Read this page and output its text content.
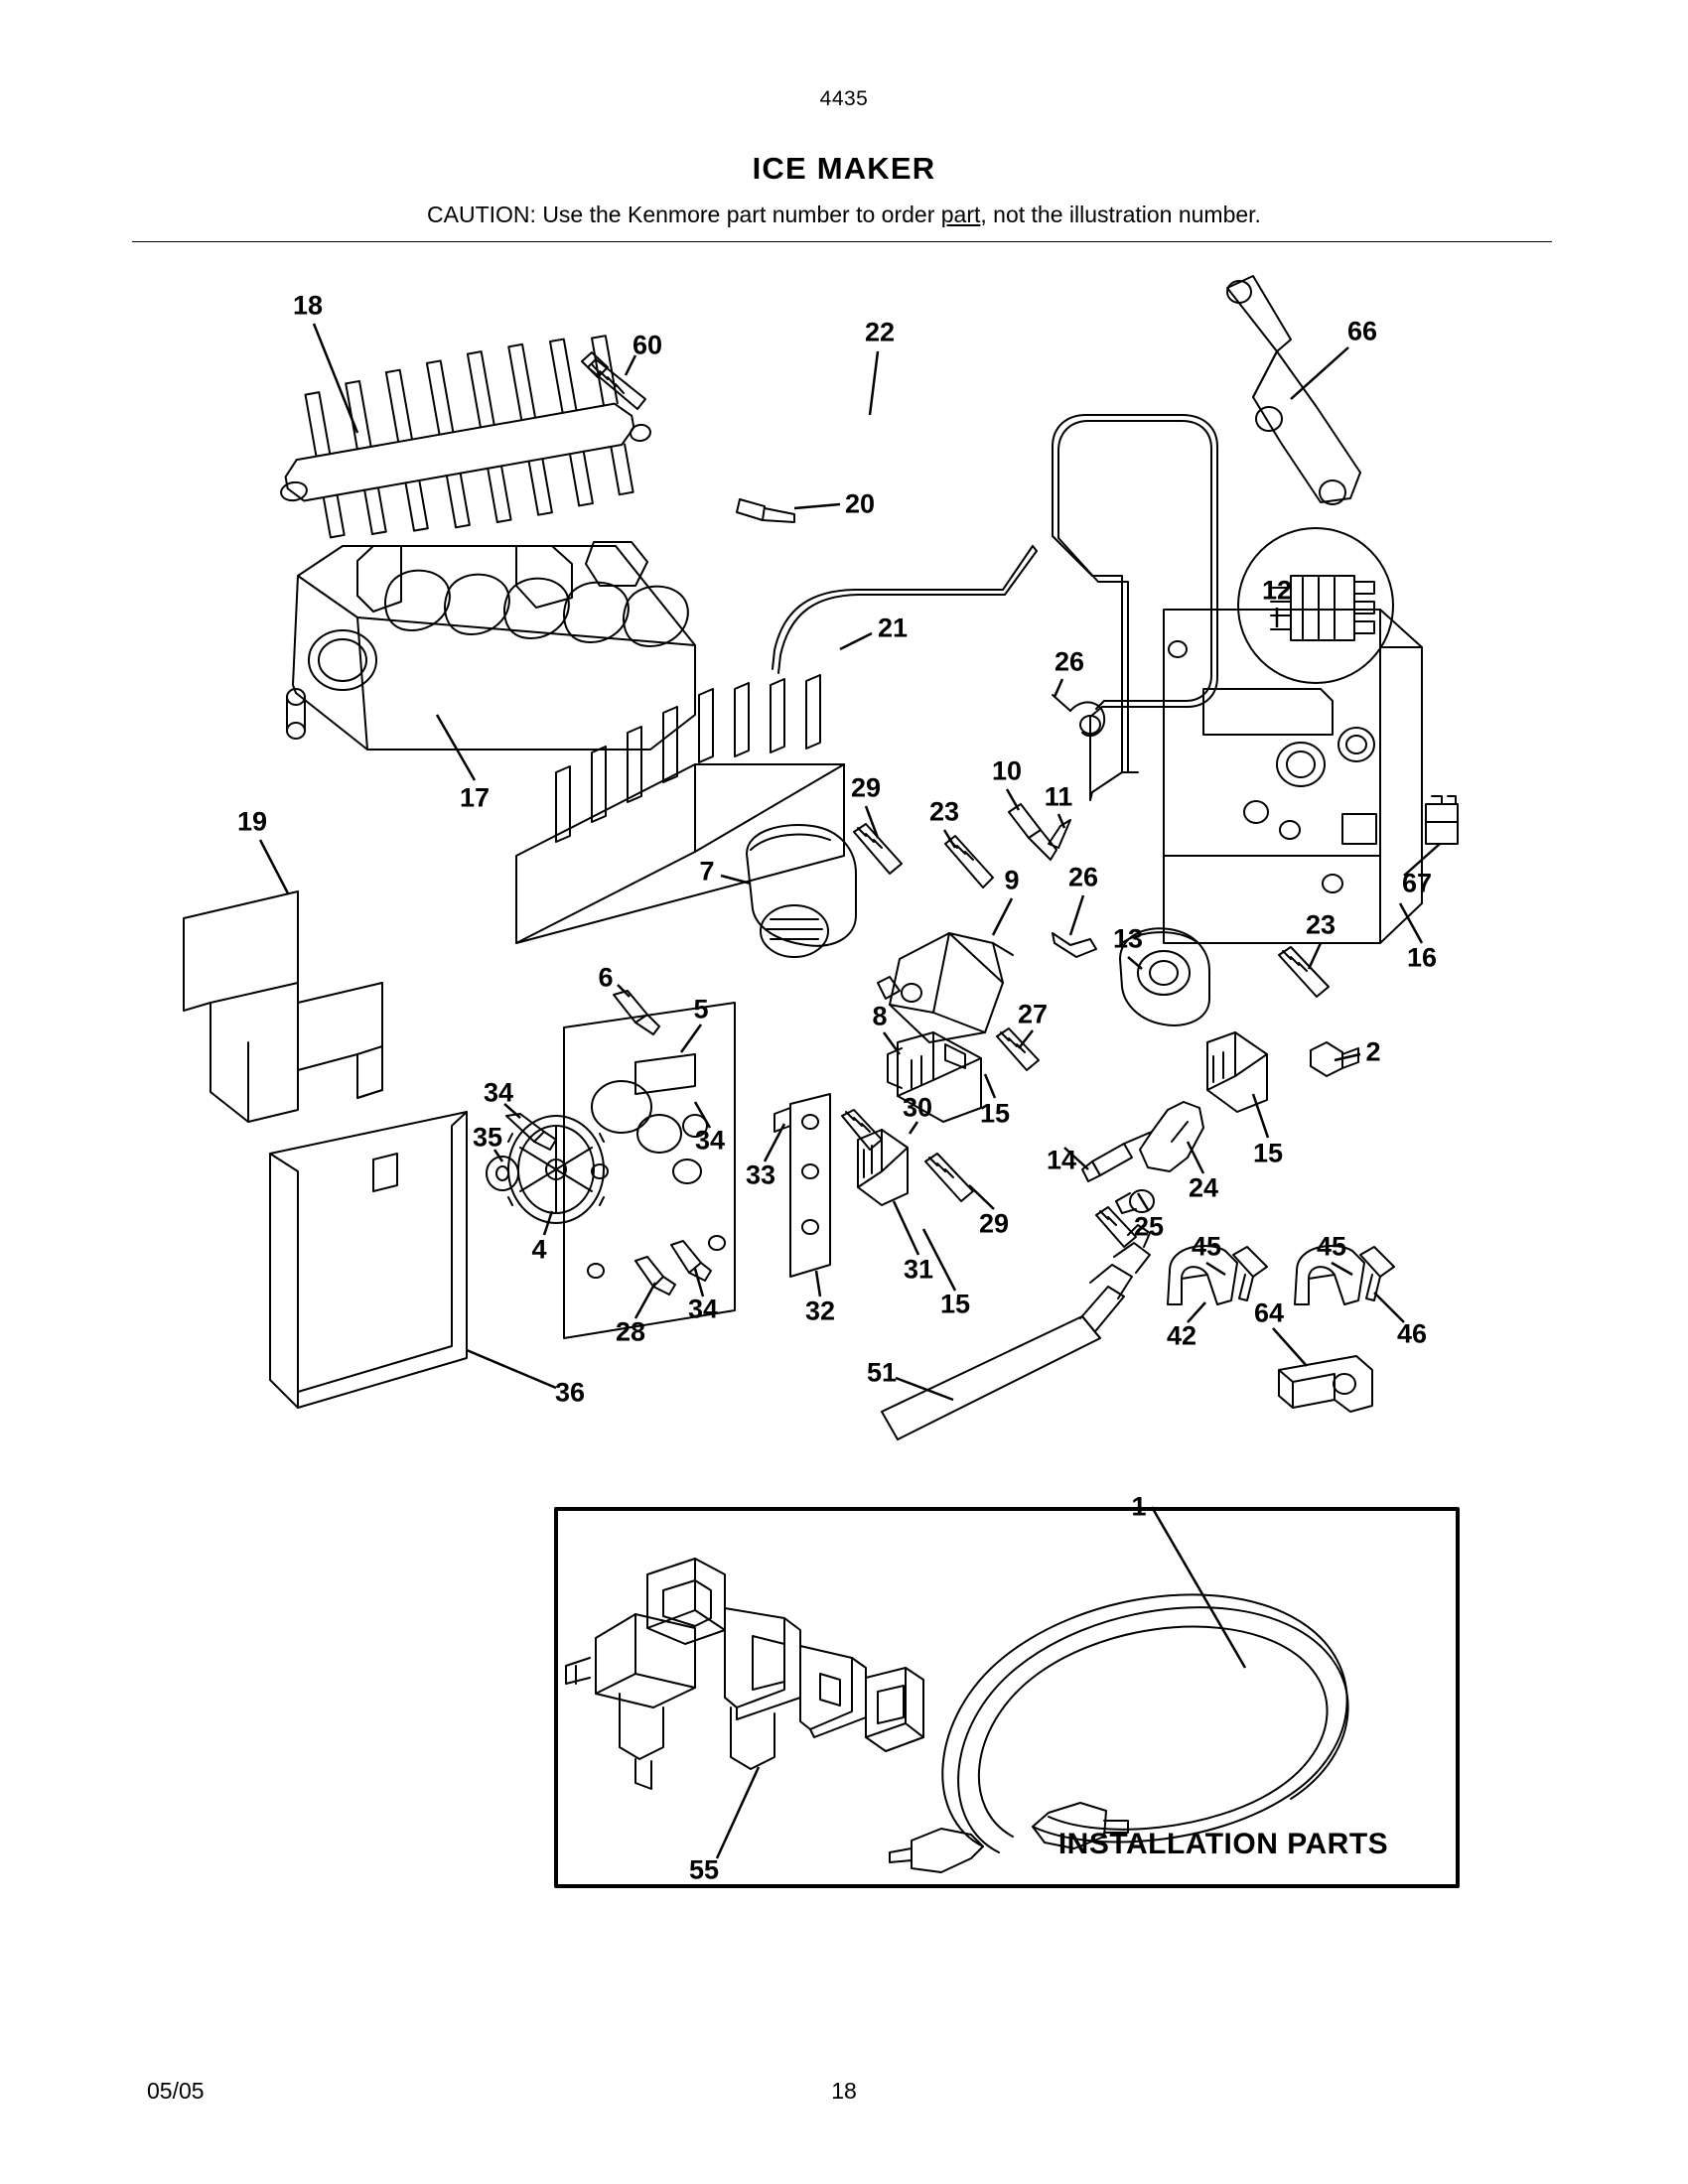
4435
ICE MAKER
CAUTION: Use the Kenmore part number to order part, not the illustration number.
18
60	22	66
20
21
12
26
17
19
29
23
10
11
67
7	9 26
13	23
16
6
5	8	27
2
34	30 15
14	15
35	34
33	24
25
29
4
31
15
32
28
34
36
45	45
42	46
64
51
1
55
INSTALLATION PARTS
05/05	18
